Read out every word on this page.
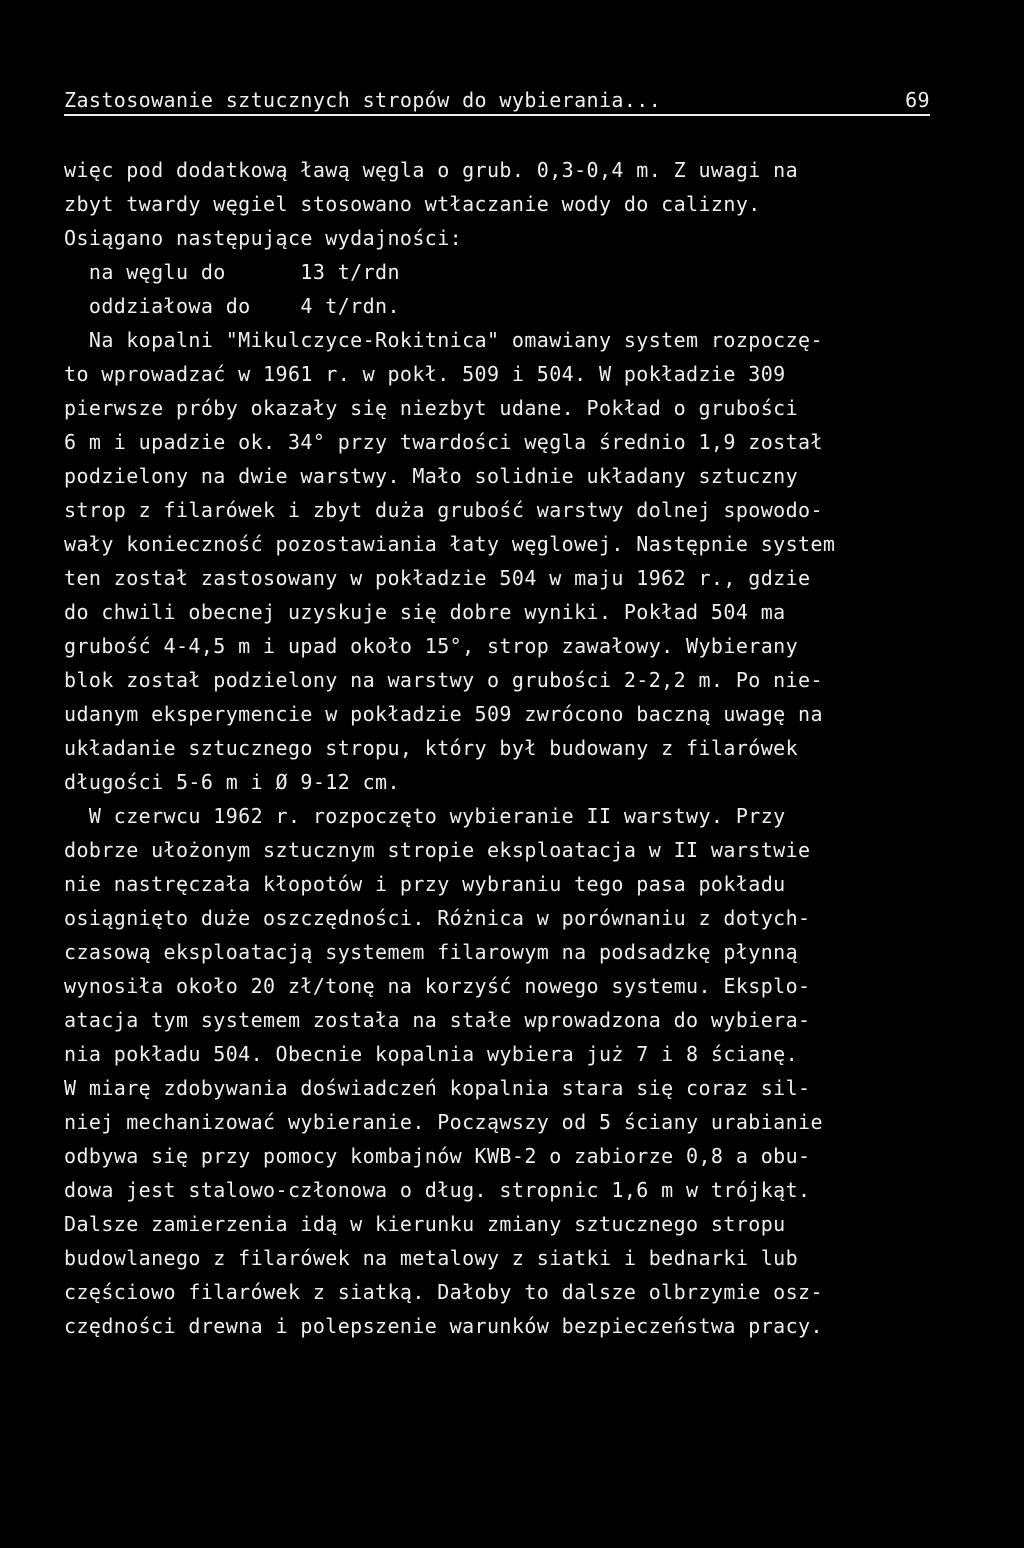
Zastosowanie sztucznych stropów do wybierania...	69
więc pod dodatkową ławą węgla o grub. 0,3-0,4 m. Z uwagi na
zbyt twardy węgiel stosowano wtłaczanie wody do calizny.
Osiągano następujące wydajności:
na węglu do      13 t/rdn
oddziałowa do    4 t/rdn.
Na kopalni "Mikulczyce-Rokitnica" omawiany system rozpoczę-
to wprowadzać w 1961 r. w pokł. 509 i 504. W pokładzie 309
pierwsze próby okazały się niezbyt udane. Pokład o grubości
6 m i upadzie ok. 34° przy twardości węgla średnio 1,9 został
podzielony na dwie warstwy. Mało solidnie układany sztuczny
strop z filarówek i zbyt duża grubość warstwy dolnej spowodo-
wały konieczność pozostawiania łaty węglowej. Następnie system
ten został zastosowany w pokładzie 504 w maju 1962 r., gdzie
do chwili obecnej uzyskuje się dobre wyniki. Pokład 504 ma
grubość 4-4,5 m i upad około 15°, strop zawałowy. Wybierany
blok został podzielony na warstwy o grubości 2-2,2 m. Po nie-
udanym eksperymencie w pokładzie 509 zwrócono baczną uwagę na
układanie sztucznego stropu, który był budowany z filarówek
długości 5-6 m i Ø 9-12 cm.
W czerwcu 1962 r. rozpoczęto wybieranie II warstwy. Przy
dobrze ułożonym sztucznym stropie eksploatacja w II warstwie
nie nastręczała kłopotów i przy wybraniu tego pasa pokładu
osiągnięto duże oszczędności. Różnica w porównaniu z dotych-
czasową eksploatacją systemem filarowym na podsadzkę płynną
wynosiła około 20 zł/tonę na korzyść nowego systemu. Eksplo-
atacja tym systemem została na stałe wprowadzona do wybiera-
nia pokładu 504. Obecnie kopalnia wybiera już 7 i 8 ścianę.
W miarę zdobywania doświadczeń kopalnia stara się coraz sil-
niej mechanizować wybieranie. Począwszy od 5 ściany urabianie
odbywa się przy pomocy kombajnów KWB-2 o zabiorze 0,8 a obu-
dowa jest stalowo-członowa o dług. stropnic 1,6 m w trójkąt.
Dalsze zamierzenia idą w kierunku zmiany sztucznego stropu
budowlanego z filarówek na metalowy z siatki i bednarki lub
częściowo filarówek z siatką. Dałoby to dalsze olbrzymie osz-
czędności drewna i polepszenie warunków bezpieczeństwa pracy.
